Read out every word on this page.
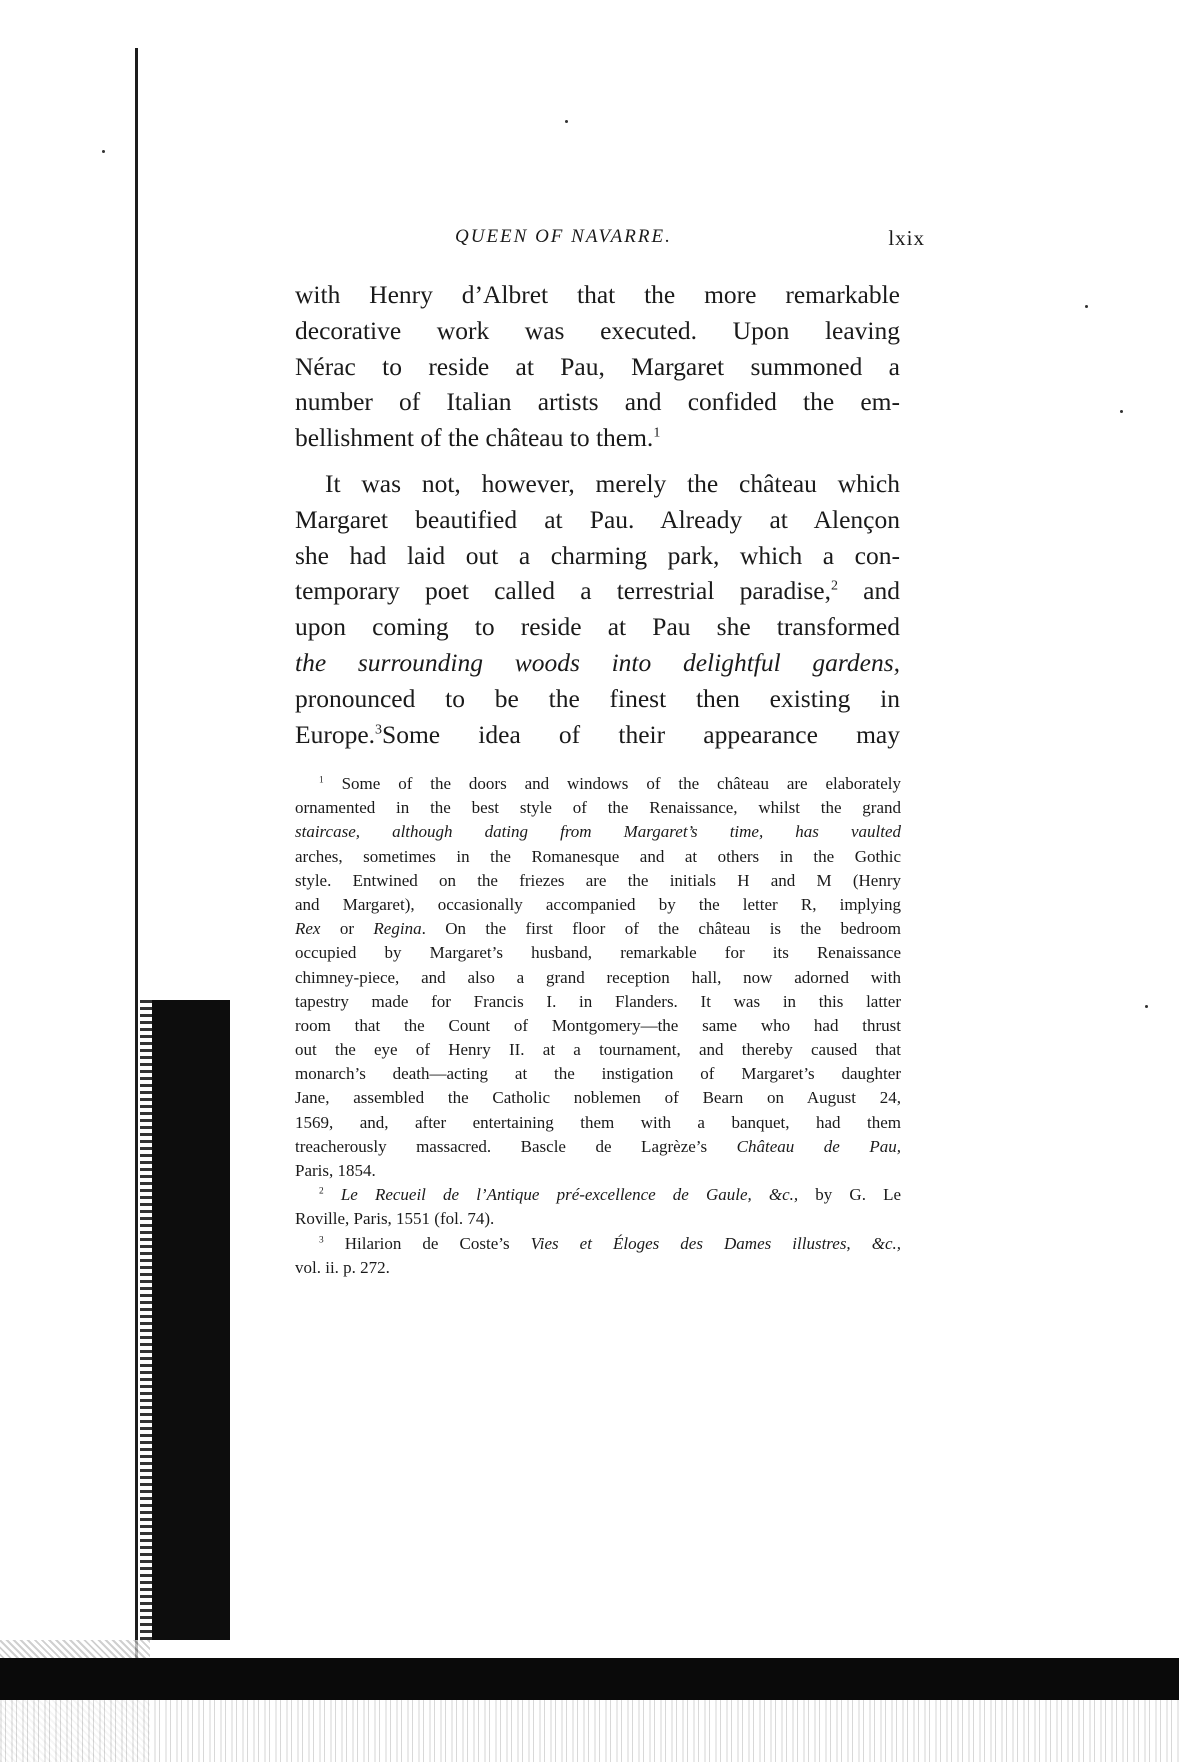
QUEEN OF NAVARRE.	lxix
with Henry d’Albret that the more remarkable
decorative work was executed. Upon leaving
Nérac to reside at Pau, Margaret summoned a
number of Italian artists and confided the em-
bellishment of the château to them.$^1$
It was not, however, merely the château which
Margaret beautified at Pau. Already at Alençon
she had laid out a charming park, which a con-
temporary poet called a terrestrial paradise,$^2$ and
upon coming to reside at Pau she transformed
the surrounding woods into delightful gardens,
pronounced to be the finest then existing in
Europe.$^3$Some idea of their appearance may
$^1$ Some of the doors and windows of the château are elaborately
ornamented in the best style of the Renaissance, whilst the grand
staircase, although dating from Margaret’s time, has vaulted
arches, sometimes in the Romanesque and at others in the Gothic
style. Entwined on the friezes are the initials H and M (Henry
and Margaret), occasionally accompanied by the letter R, implying
Rex or Regina. On the first floor of the château is the bedroom
occupied by Margaret’s husband, remarkable for its Renaissance
chimney-piece, and also a grand reception hall, now adorned with
tapestry made for Francis I. in Flanders. It was in this latter
room that the Count of Montgomery—the same who had thrust
out the eye of Henry II. at a tournament, and thereby caused that
monarch’s death—acting at the instigation of Margaret’s daughter
Jane, assembled the Catholic noblemen of Bearn on August 24,
1569, and, after entertaining them with a banquet, had them
treacherously massacred. Bascle de Lagrèze’s Château de Pau,
Paris, 1854.
$^2$ Le Recueil de l’Antique pré-excellence de Gaule, &c., by G. Le
Roville, Paris, 1551 (fol. 74).
$^3$ Hilarion de Coste’s Vies et Éloges des Dames illustres, &c.,
vol. ii. p. 272.
